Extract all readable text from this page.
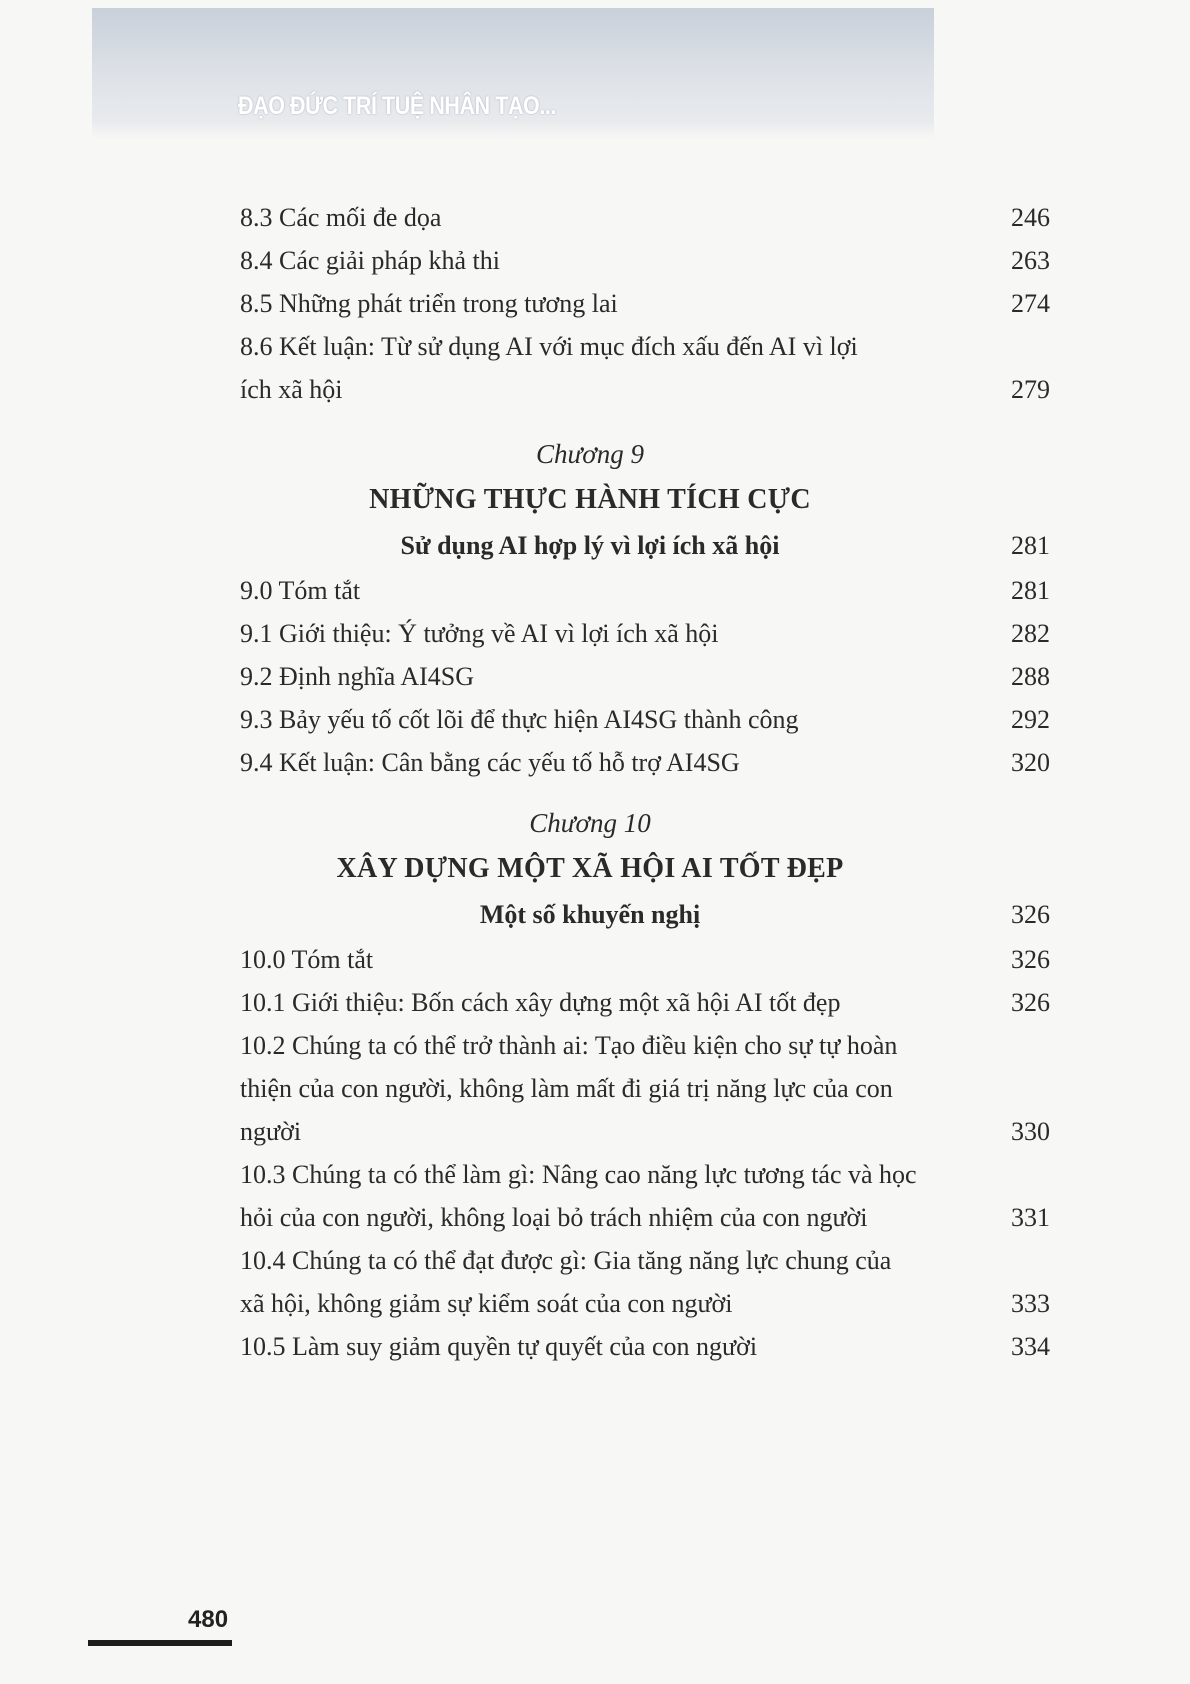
ĐẠO ĐỨC TRÍ TUỆ NHÂN TẠO...
8.3 Các mối đe dọa	246
8.4 Các giải pháp khả thi	263
8.5 Những phát triển trong tương lai	274
8.6 Kết luận: Từ sử dụng AI với mục đích xấu đến AI vì lợi ích xã hội	279
Chương 9
NHỮNG THỰC HÀNH TÍCH CỰC
Sử dụng AI hợp lý vì lợi ích xã hội	281
9.0 Tóm tắt	281
9.1 Giới thiệu: Ý tưởng về AI vì lợi ích xã hội	282
9.2 Định nghĩa AI4SG	288
9.3 Bảy yếu tố cốt lõi để thực hiện AI4SG thành công	292
9.4 Kết luận: Cân bằng các yếu tố hỗ trợ AI4SG	320
Chương 10
XÂY DỰNG MỘT XÃ HỘI AI TỐT ĐẸP
Một số khuyến nghị	326
10.0 Tóm tắt	326
10.1 Giới thiệu: Bốn cách xây dựng một xã hội AI tốt đẹp	326
10.2 Chúng ta có thể trở thành ai: Tạo điều kiện cho sự tự hoàn thiện của con người, không làm mất đi giá trị năng lực của con người	330
10.3 Chúng ta có thể làm gì: Nâng cao năng lực tương tác và học hỏi của con người, không loại bỏ trách nhiệm của con người	331
10.4 Chúng ta có thể đạt được gì: Gia tăng năng lực chung của xã hội, không giảm sự kiểm soát của con người	333
10.5 Làm suy giảm quyền tự quyết của con người	334
480
